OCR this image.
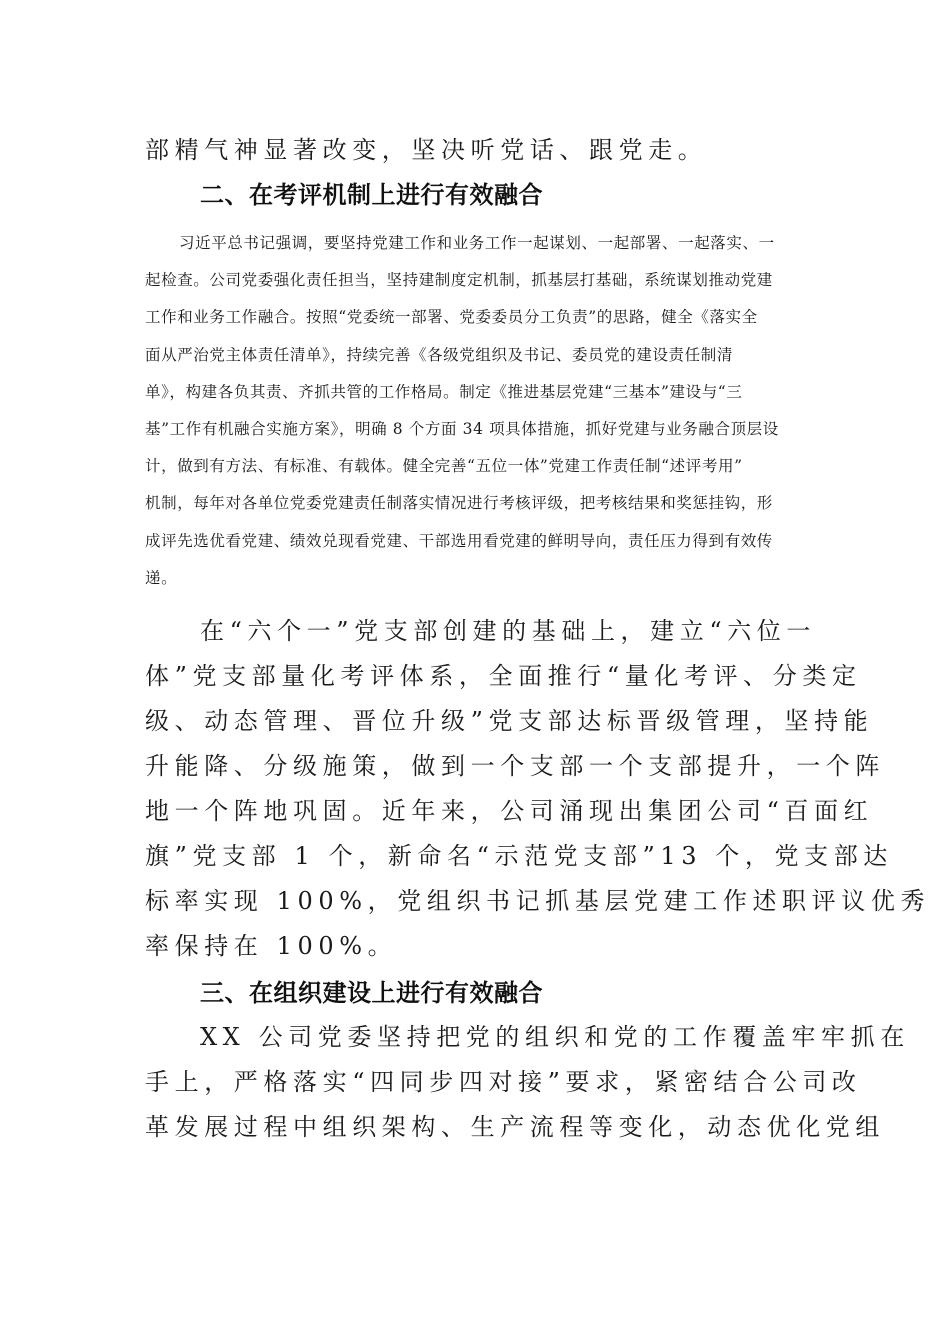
部精气神显著改变，坚决听党话、跟党走。

二、在考评机制上进行有效融合

习近平总书记强调，要坚持党建工作和业务工作一起谋划、一起部署、一起落实、一
起检查。公司党委强化责任担当，坚持建制度定机制，抓基层打基础，系统谋划推动党建
工作和业务工作融合。按照“党委统一部署、党委委员分工负责”的思路，健全《落实全
面从严治党主体责任清单》，持续完善《各级党组织及书记、委员党的建设责任制清
单》，构建各负其责、齐抓共管的工作格局。制定《推进基层党建“三基本”建设与“三
基”工作有机融合实施方案》，明确 8 个方面 34 项具体措施，抓好党建与业务融合顶层设
计，做到有方法、有标准、有载体。健全完善“五位一体”党建工作责任制“述评考用”
机制，每年对各单位党委党建责任制落实情况进行考核评级，把考核结果和奖惩挂钩，形
成评先选优看党建、绩效兑现看党建、干部选用看党建的鲜明导向，责任压力得到有效传
递。

在“六个一”党支部创建的基础上，建立“六位一
体”党支部量化考评体系，全面推行“量化考评、分类定
级、动态管理、晋位升级”党支部达标晋级管理，坚持能
升能降、分级施策，做到一个支部一个支部提升，一个阵
地一个阵地巩固。近年来，公司涌现出集团公司“百面红
旗”党支部 1 个，新命名“示范党支部”13 个，党支部达
标率实现 100%，党组织书记抓基层党建工作述职评议优秀
率保持在 100%。

三、在组织建设上进行有效融合

XX 公司党委坚持把党的组织和党的工作覆盖牢牢抓在
手上，严格落实“四同步四对接”要求，紧密结合公司改
革发展过程中组织架构、生产流程等变化，动态优化党组
